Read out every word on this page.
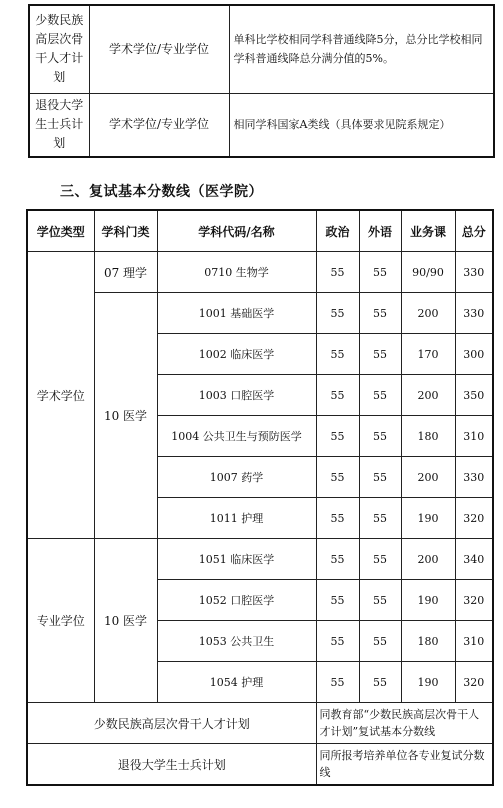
少数民族高层次骨干人才计划	学术学位/专业学位	单科比学校相同学科普通线降5分，总分比学校相同学科普通线降总分满分值的5%。
退役大学生士兵计划	学术学位/专业学位	相同学科国家A类线（具体要求见院系规定）
三、复试基本分数线（医学院）
学位类型	学科门类	学科代码/名称	政治	外语	业务课	总分
学术学位	07 理学	0710 生物学	55	55	90/90	330
	10 医学	1001 基础医学	55	55	200	330
		1002 临床医学	55	55	170	300
		1003 口腔医学	55	55	200	350
		1004 公共卫生与预防医学	55	55	180	310
		1007 药学	55	55	200	330
		1011 护理	55	55	190	320
专业学位	10 医学	1051 临床医学	55	55	200	340
		1052 口腔医学	55	55	190	320
		1053 公共卫生	55	55	180	310
		1054 护理	55	55	190	320
少数民族高层次骨干人才计划			同教育部“少数民族高层次骨干人才计划”复试基本分数线			
退役大学生士兵计划			同所报考培养单位各专业复试分数线			
